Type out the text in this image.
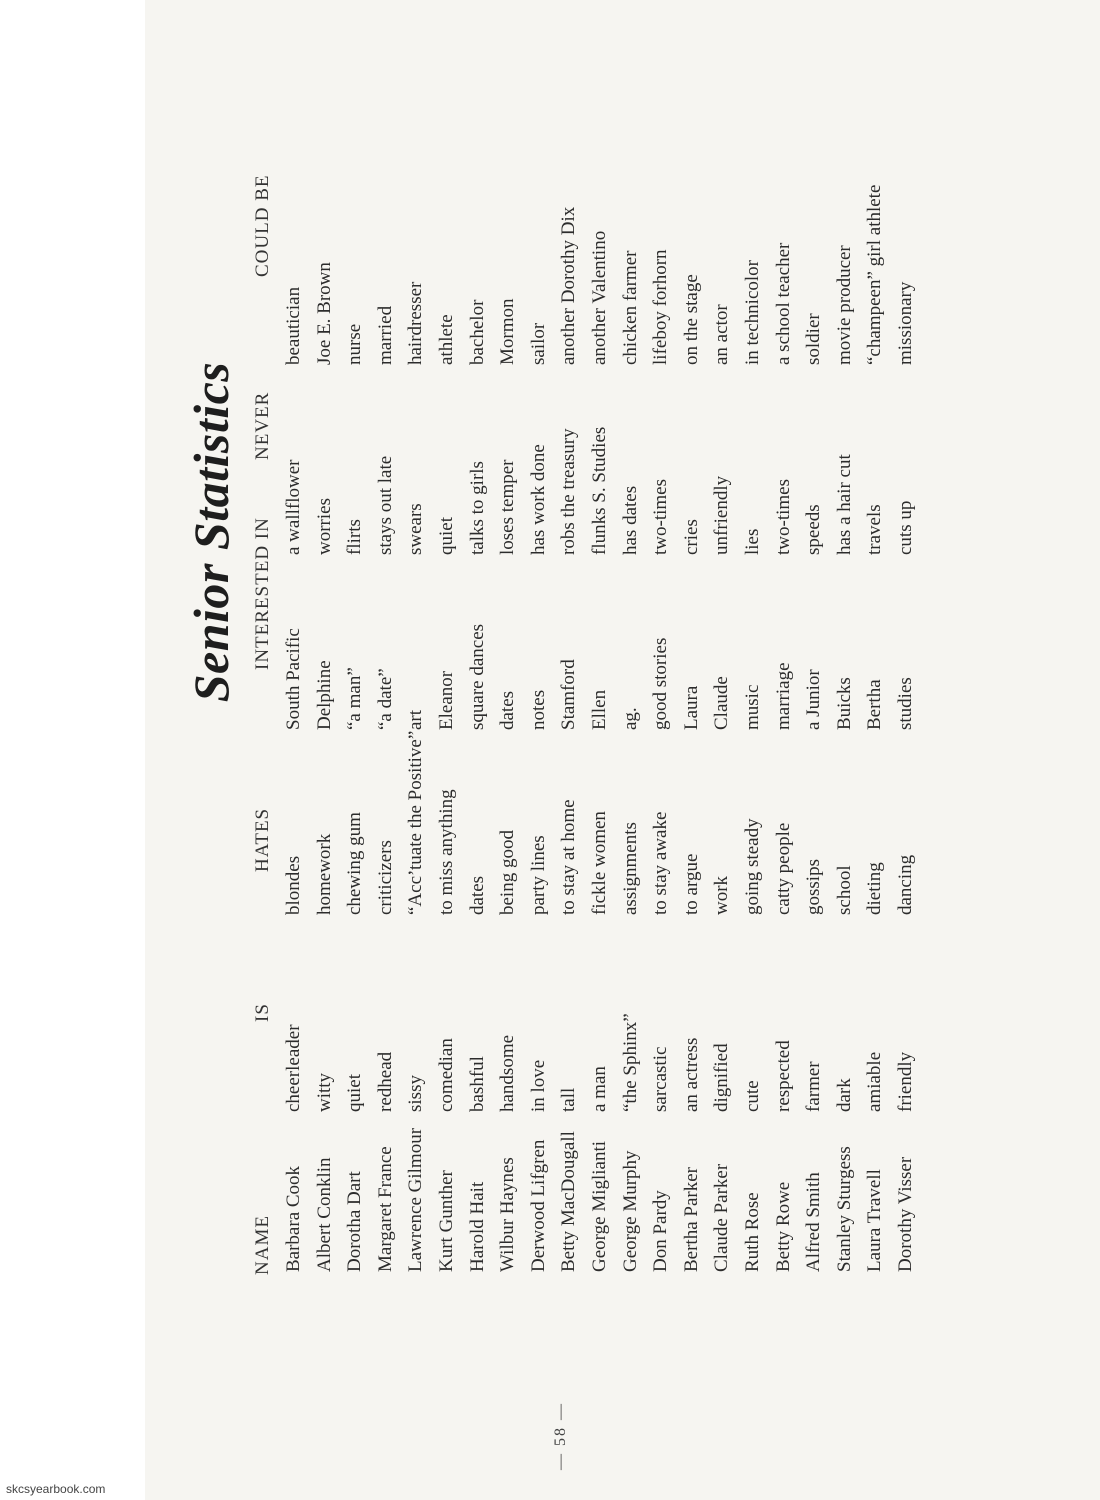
Senior Statistics
NAME
IS
HATES
INTERESTED IN
NEVER
COULD BE
Barbara Cook
cheerleader
blondes
South Pacific
a wallflower
beautician
Albert Conklin
witty
homework
Delphine
worries
Joe E. Brown
Dorotha Dart
quiet
chewing gum
“a man”
flirts
nurse
Margaret France
redhead
criticizers
“a date”
stays out late
married
Lawrence Gilmour
sissy
“Acc’tuate the Positive”
art
swears
hairdresser
Kurt Gunther
comedian
to miss anything
Eleanor
quiet
athlete
Harold Hait
bashful
dates
square dances
talks to girls
bachelor
Wilbur Haynes
handsome
being good
dates
loses temper
Mormon
Derwood Lifgren
in love
party lines
notes
has work done
sailor
Betty MacDougall
tall
to stay at home
Stamford
robs the treasury
another Dorothy Dix
George Miglianti
a man
fickle women
Ellen
flunks S. Studies
another Valentino
George Murphy
“the Sphinx”
assignments
ag.
has dates
chicken farmer
Don Pardy
sarcastic
to stay awake
good stories
two-times
lifeboy forhorn
Bertha Parker
an actress
to argue
Laura
cries
on the stage
Claude Parker
dignified
work
Claude
unfriendly
an actor
Ruth Rose
cute
going steady
music
lies
in technicolor
Betty Rowe
respected
catty people
marriage
two-times
a school teacher
Alfred Smith
farmer
gossips
a Junior
speeds
soldier
Stanley Sturgess
dark
school
Buicks
has a hair cut
movie producer
Laura Travell
amiable
dieting
Bertha
travels
“champeen” girl athlete
Dorothy Visser
friendly
dancing
studies
cuts up
missionary
— 58 —
skcsyearbook.com
